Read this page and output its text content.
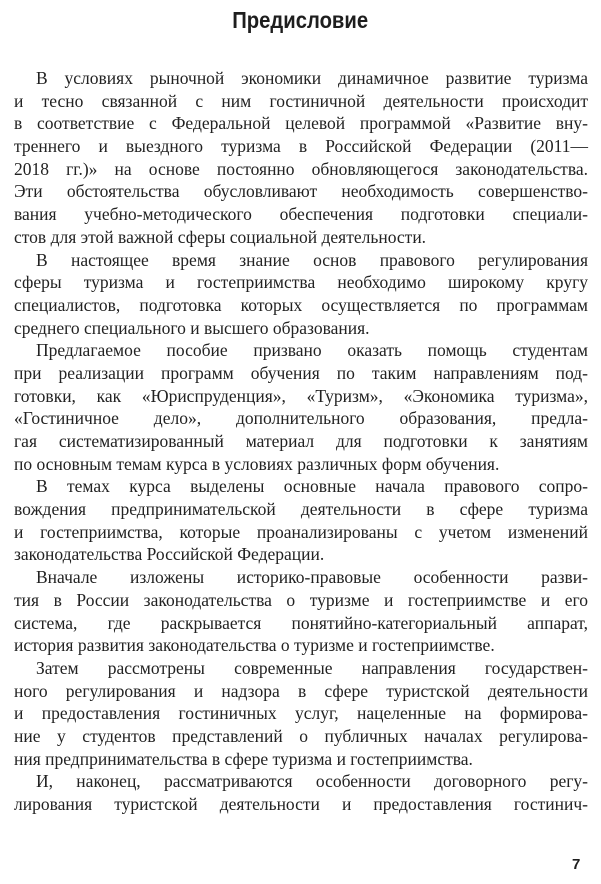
Предисловие
В условиях рыночной экономики динамичное развитие туризма
и тесно связанной с ним гостиничной деятельности происходит
в соответствие с Федеральной целевой программой «Развитие вну-
треннего и выездного туризма в Российской Федерации (2011—
2018 гг.)» на основе постоянно обновляющегося законодательства.
Эти обстоятельства обусловливают необходимость совершенство-
вания учебно-методического обеспечения подготовки специали-
стов для этой важной сферы социальной деятельности.
В настоящее время знание основ правового регулирования
сферы туризма и гостеприимства необходимо широкому кругу
специалистов, подготовка которых осуществляется по программам
среднего специального и высшего образования.
Предлагаемое пособие призвано оказать помощь студентам
при реализации программ обучения по таким направлениям под-
готовки, как «Юриспруденция», «Туризм», «Экономика туризма»,
«Гостиничное дело», дополнительного образования, предла-
гая систематизированный материал для подготовки к занятиям
по основным темам курса в условиях различных форм обучения.
В темах курса выделены основные начала правового сопро-
вождения предпринимательской деятельности в сфере туризма
и гостеприимства, которые проанализированы с учетом изменений
законодательства Российской Федерации.
Вначале изложены историко-правовые особенности разви-
тия в России законодательства о туризме и гостеприимстве и его
система, где раскрывается понятийно-категориальный аппарат,
история развития законодательства о туризме и гостеприимстве.
Затем рассмотрены современные направления государствен-
ного регулирования и надзора в сфере туристской деятельности
и предоставления гостиничных услуг, нацеленные на формирова-
ние у студентов представлений о публичных началах регулирова-
ния предпринимательства в сфере туризма и гостеприимства.
И, наконец, рассматриваются особенности договорного регу-
лирования туристской деятельности и предоставления гостинич-
7
